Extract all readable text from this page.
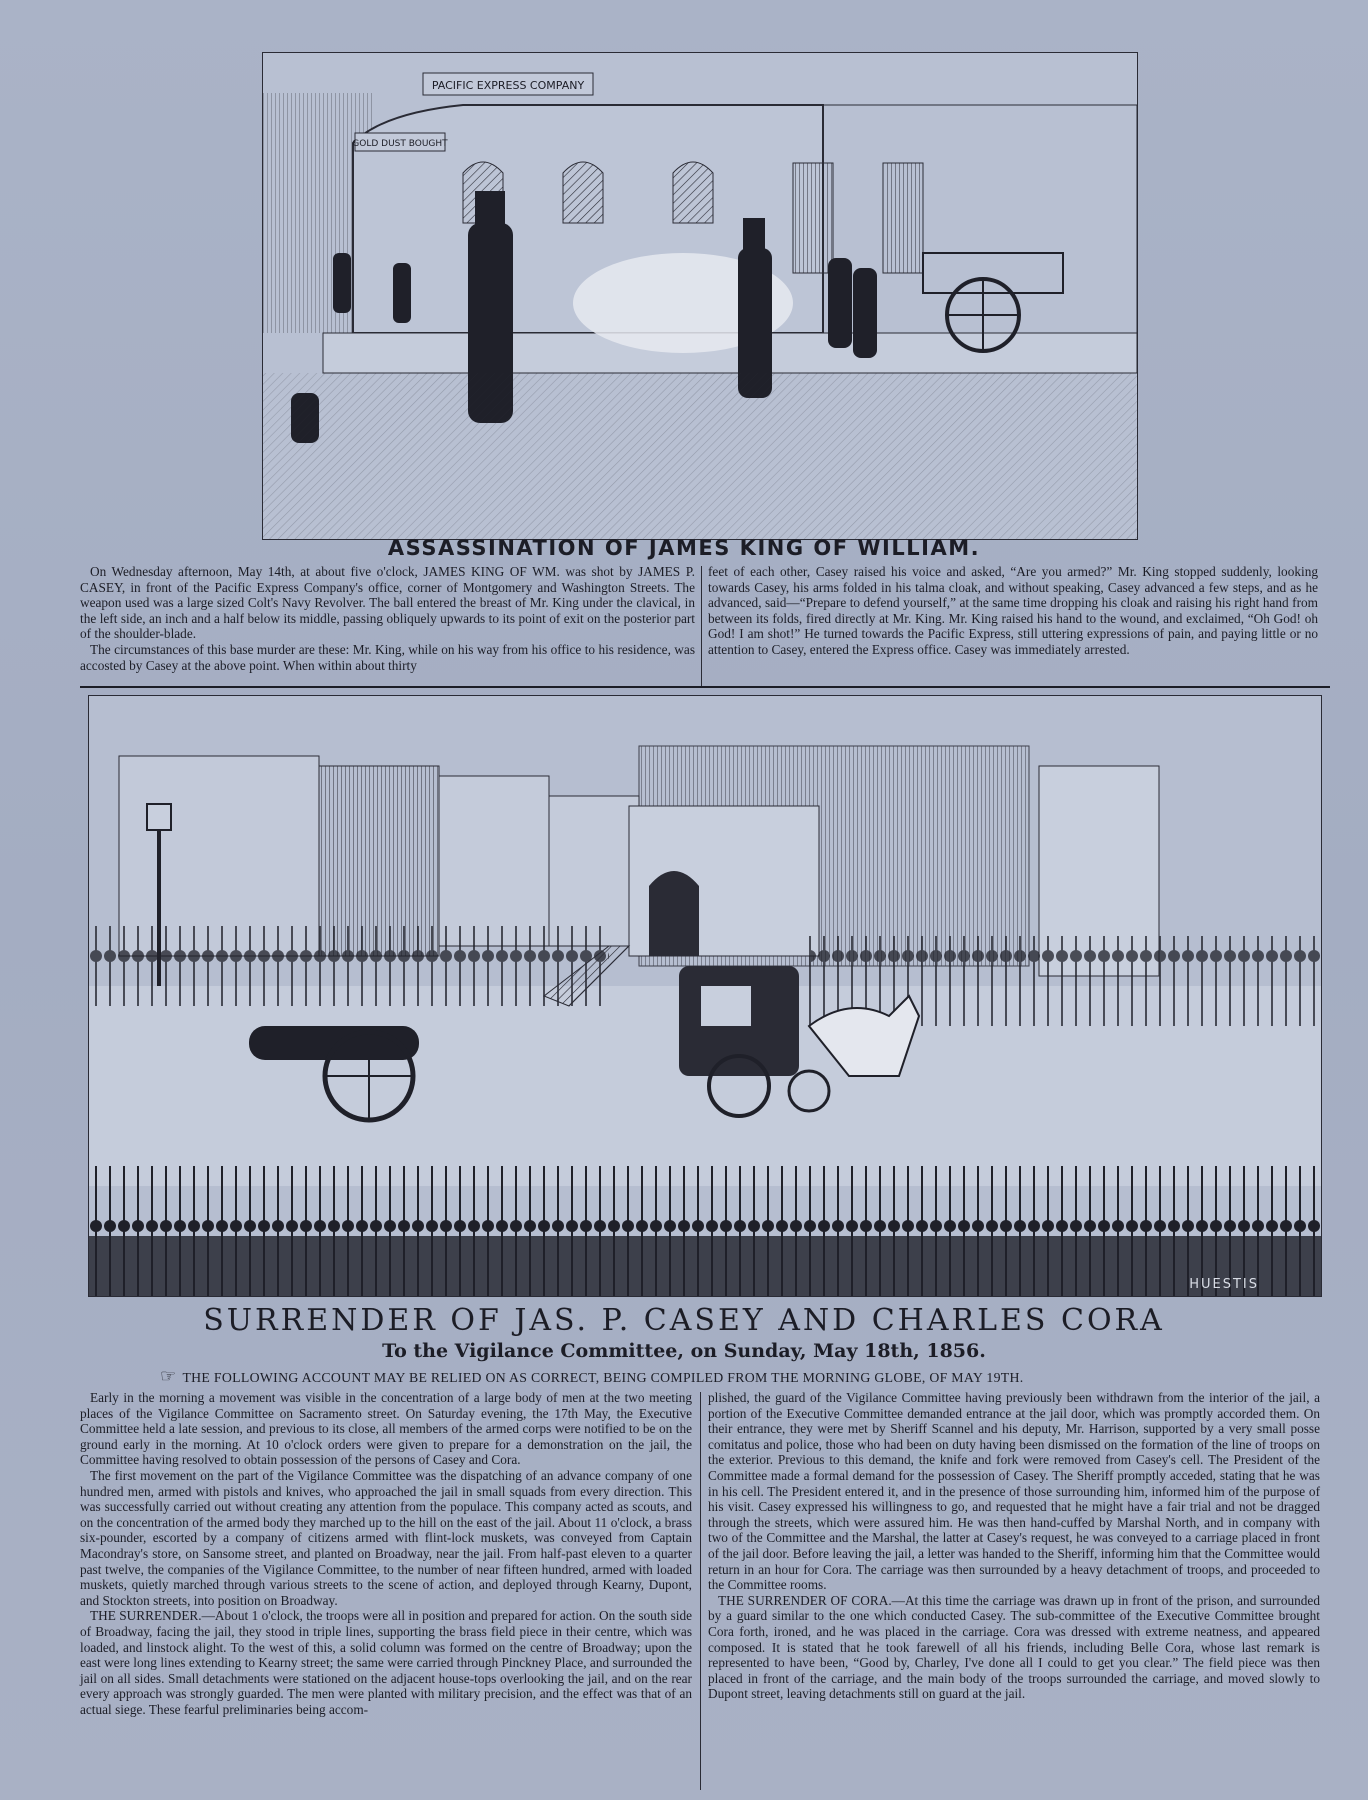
PACIFIC EXPRESS COMPANY
GOLD DUST BOUGHT
ASSASSINATION OF JAMES KING OF WILLIAM.

On Wednesday afternoon, May 14th, at about five o'clock, JAMES KING OF WM. was shot by JAMES P. CASEY, in front of the Pacific Express Company's office, corner of Montgomery and Washington Streets. The weapon used was a large sized Colt's Navy Revolver. The ball entered the breast of Mr. King under the clavical, in the left side, an inch and a half below its middle, passing obliquely upwards to its point of exit on the posterior part of the shoulder-blade.

The circumstances of this base murder are these: Mr. King, while on his way from his office to his residence, was accosted by Casey at the above point. When within about thirty

feet of each other, Casey raised his voice and asked, “Are you armed?” Mr. King stopped suddenly, looking towards Casey, his arms folded in his talma cloak, and without speaking, Casey advanced a few steps, and as he advanced, said—“Prepare to defend yourself,” at the same time dropping his cloak and raising his right hand from between its folds, fired directly at Mr. King. Mr. King raised his hand to the wound, and exclaimed, “Oh God! oh God! I am shot!” He turned towards the Pacific Express, still uttering expressions of pain, and paying little or no attention to Casey, entered the Express office. Casey was immediately arrested.

HUESTIS
SURRENDER OF JAS. P. CASEY AND CHARLES CORA
To the Vigilance Committee, on Sunday, May 18th, 1856.
☞ THE FOLLOWING ACCOUNT MAY BE RELIED ON AS CORRECT, BEING COMPILED FROM THE MORNING GLOBE, OF MAY 19TH.

Early in the morning a movement was visible in the concentration of a large body of men at the two meeting places of the Vigilance Committee on Sacramento street. On Saturday evening, the 17th May, the Executive Committee held a late session, and previous to its close, all members of the armed corps were notified to be on the ground early in the morning. At 10 o'clock orders were given to prepare for a demonstration on the jail, the Committee having resolved to obtain possession of the persons of Casey and Cora.

The first movement on the part of the Vigilance Committee was the dispatching of an advance company of one hundred men, armed with pistols and knives, who approached the jail in small squads from every direction. This was successfully carried out without creating any attention from the populace. This company acted as scouts, and on the concentration of the armed body they marched up to the hill on the east of the jail. About 11 o'clock, a brass six-pounder, escorted by a company of citizens armed with flint-lock muskets, was conveyed from Captain Macondray's store, on Sansome street, and planted on Broadway, near the jail. From half-past eleven to a quarter past twelve, the companies of the Vigilance Committee, to the number of near fifteen hundred, armed with loaded muskets, quietly marched through various streets to the scene of action, and deployed through Kearny, Dupont, and Stockton streets, into position on Broadway.

THE SURRENDER.—About 1 o'clock, the troops were all in position and prepared for action. On the south side of Broadway, facing the jail, they stood in triple lines, supporting the brass field piece in their centre, which was loaded, and linstock alight. To the west of this, a solid column was formed on the centre of Broadway; upon the east were long lines extending to Kearny street; the same were carried through Pinckney Place, and surrounded the jail on all sides. Small detachments were stationed on the adjacent house-tops overlooking the jail, and on the rear every approach was strongly guarded. The men were planted with military precision, and the effect was that of an actual siege. These fearful preliminaries being accom-

plished, the guard of the Vigilance Committee having previously been withdrawn from the interior of the jail, a portion of the Executive Committee demanded entrance at the jail door, which was promptly accorded them. On their entrance, they were met by Sheriff Scannel and his deputy, Mr. Harrison, supported by a very small posse comitatus and police, those who had been on duty having been dismissed on the formation of the line of troops on the exterior. Previous to this demand, the knife and fork were removed from Casey's cell. The President of the Committee made a formal demand for the possession of Casey. The Sheriff promptly acceded, stating that he was in his cell. The President entered it, and in the presence of those surrounding him, informed him of the purpose of his visit. Casey expressed his willingness to go, and requested that he might have a fair trial and not be dragged through the streets, which were assured him. He was then hand-cuffed by Marshal North, and in company with two of the Committee and the Marshal, the latter at Casey's request, he was conveyed to a carriage placed in front of the jail door. Before leaving the jail, a letter was handed to the Sheriff, informing him that the Committee would return in an hour for Cora. The carriage was then surrounded by a heavy detachment of troops, and proceeded to the Committee rooms.

THE SURRENDER OF CORA.—At this time the carriage was drawn up in front of the prison, and surrounded by a guard similar to the one which conducted Casey. The sub-committee of the Executive Committee brought Cora forth, ironed, and he was placed in the carriage. Cora was dressed with extreme neatness, and appeared composed. It is stated that he took farewell of all his friends, including Belle Cora, whose last remark is represented to have been, “Good by, Charley, I've done all I could to get you clear.” The field piece was then placed in front of the carriage, and the main body of the troops surrounded the carriage, and moved slowly to Dupont street, leaving detachments still on guard at the jail.
